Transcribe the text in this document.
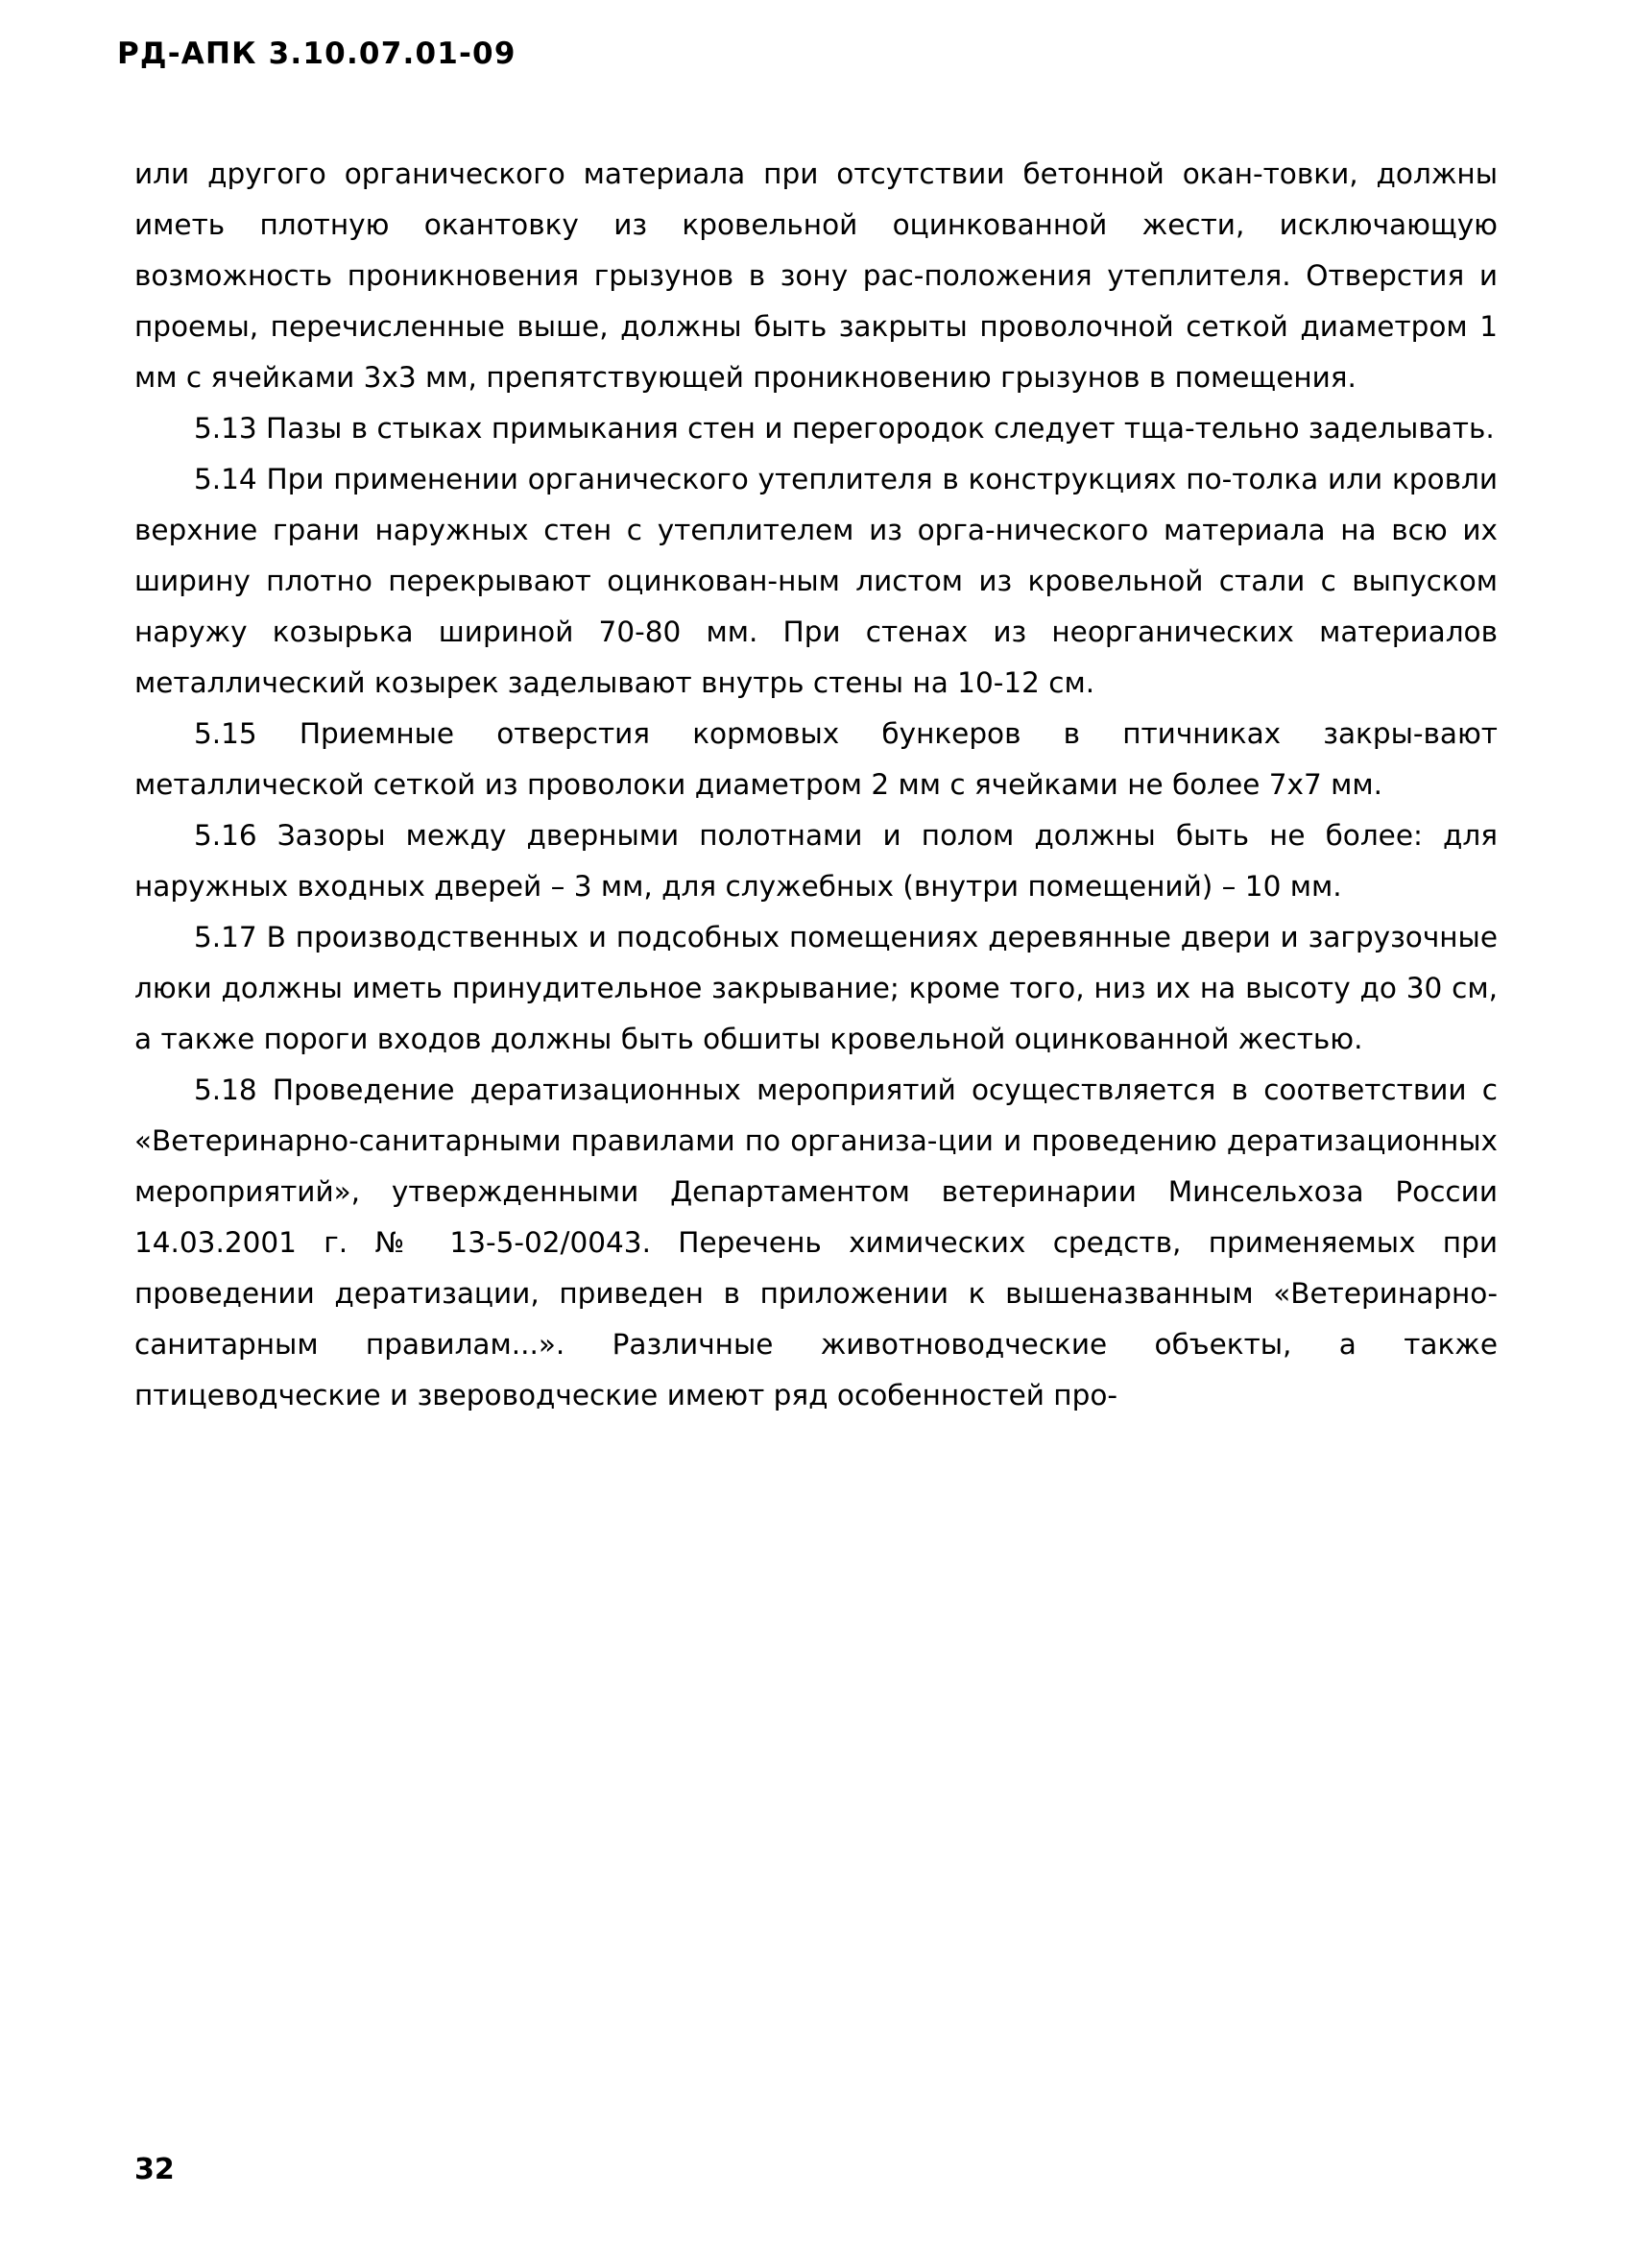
РД-АПК 3.10.07.01-09

или другого органического материала при отсутствии бетонной окан-товки, должны иметь плотную окантовку из кровельной оцинкованной жести, исключающую возможность проникновения грызунов в зону рас-положения утеплителя. Отверстия и проемы, перечисленные выше, должны быть закрыты проволочной сеткой диаметром 1 мм с ячейками 3х3 мм, препятствующей проникновению грызунов в помещения.

5.13 Пазы в стыках примыкания стен и перегородок следует тща-тельно заделывать.

5.14 При применении органического утеплителя в конструкциях по-толка или кровли верхние грани наружных стен с утеплителем из орга-нического материала на всю их ширину плотно перекрывают оцинкован-ным листом из кровельной стали с выпуском наружу козырька шириной 70-80 мм. При стенах из неорганических материалов металлический козырек заделывают внутрь стены на 10-12 см.

5.15 Приемные отверстия кормовых бункеров в птичниках закры-вают металлической сеткой из проволоки диаметром 2 мм с ячейками не более 7х7 мм.

5.16 Зазоры между дверными полотнами и полом должны быть не более: для наружных входных дверей – 3 мм, для служебных (внутри помещений) – 10 мм.

5.17 В производственных и подсобных помещениях деревянные двери и загрузочные люки должны иметь принудительное закрывание; кроме того, низ их на высоту до 30 см, а также пороги входов должны быть обшиты кровельной оцинкованной жестью.

5.18 Проведение дератизационных мероприятий осуществляется в соответствии с «Ветеринарно-санитарными правилами по организа-ции и проведению дератизационных мероприятий», утвержденными Департаментом ветеринарии Минсельхоза России 14.03.2001 г. № 13-5-02/0043. Перечень химических средств, применяемых при проведении дератизации, приведен в приложении к вышеназванным «Ветеринарно-санитарным правилам...». Различные животноводческие объекты, а также птицеводческие и звероводческие имеют ряд особенностей про-

32
